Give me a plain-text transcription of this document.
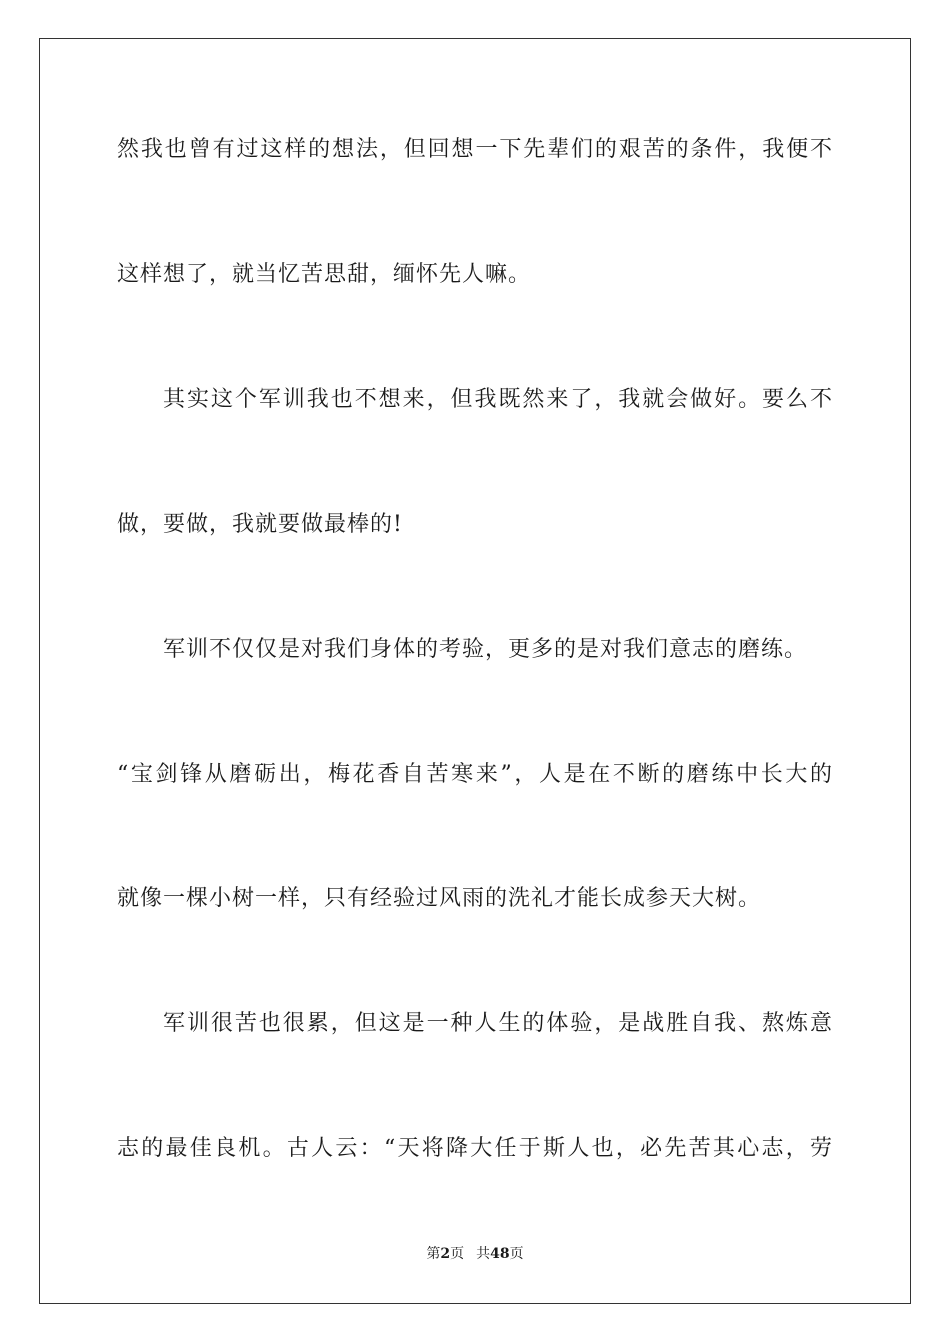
然我也曾有过这样的想法，但回想一下先辈们的艰苦的条件，我便不
这样想了，就当忆苦思甜，缅怀先人嘛。
其实这个军训我也不想来，但我既然来了，我就会做好。要么不
做，要做，我就要做最棒的!
军训不仅仅是对我们身体的考验，更多的是对我们意志的磨练。
“宝剑锋从磨砺出，梅花香自苦寒来”，人是在不断的磨练中长大的
就像一棵小树一样，只有经验过风雨的洗礼才能长成参天大树。
军训很苦也很累，但这是一种人生的体验，是战胜自我、熬炼意
志的最佳良机。古人云：“天将降大任于斯人也，必先苦其心志，劳
第2页 共48页
